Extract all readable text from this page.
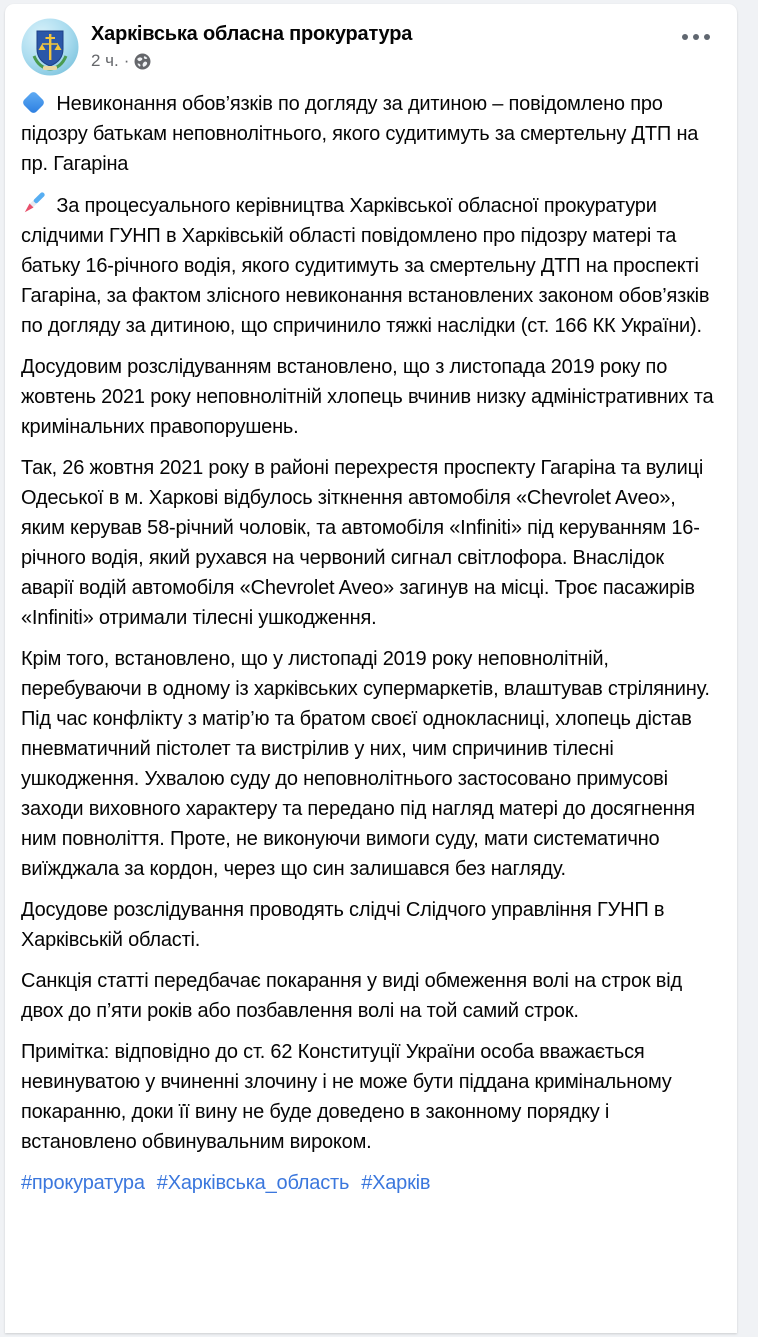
Харківська обласна прокуратура
2 ч. ·

Невиконання обов’язків по догляду за дитиною – повідомлено про підозру батькам неповнолітнього, якого судитимуть за смертельну ДТП на пр. Гагаріна

За процесуального керівництва Харківської обласної прокуратури слідчими ГУНП в Харківській області повідомлено про підозру матері та батьку 16-річного водія, якого судитимуть за смертельну ДТП на проспекті Гагаріна, за фактом злісного невиконання встановлених законом обов’язків по догляду за дитиною, що спричинило тяжкі наслідки (ст. 166 КК України).

Досудовим розслідуванням встановлено, що з листопада 2019 року по жовтень 2021 року неповнолітній хлопець вчинив низку адміністративних та кримінальних правопорушень.

Так, 26 жовтня 2021 року в районі перехрестя проспекту Гагаріна та вулиці Одеської в м. Харкові відбулось зіткнення автомобіля «Chevrolet Aveo», яким керував 58-річний чоловік, та автомобіля «Infiniti» під керуванням 16-річного водія, який рухався на червоний сигнал світлофора. Внаслідок аварії водій автомобіля «Chevrolet Aveo» загинув на місці. Троє пасажирів «Infiniti» отримали тілесні ушкодження.

Крім того, встановлено, що у листопаді 2019 року неповнолітній, перебуваючи в одному із харківських супермаркетів, влаштував стрілянину. Під час конфлікту з матір’ю та братом своєї однокласниці, хлопець дістав пневматичний пістолет та вистрілив у них, чим спричинив тілесні ушкодження. Ухвалою суду до неповнолітнього застосовано примусові заходи виховного характеру та передано під нагляд матері до досягнення ним повноліття. Проте, не виконуючи вимоги суду, мати систематично виїжджала за кордон, через що син залишався без нагляду.

Досудове розслідування проводять слідчі Слідчого управління ГУНП в Харківській області.

Санкція статті передбачає покарання у виді обмеження волі на строк від двох до п’яти років або позбавлення волі на той самий строк.

Примітка: відповідно до ст. 62 Конституції України особа вважається невинуватою у вчиненні злочину і не може бути піддана кримінальному покаранню, доки її вину не буде доведено в законному порядку і встановлено обвинувальним вироком.

#прокуратура #Харківська_область #Харків
